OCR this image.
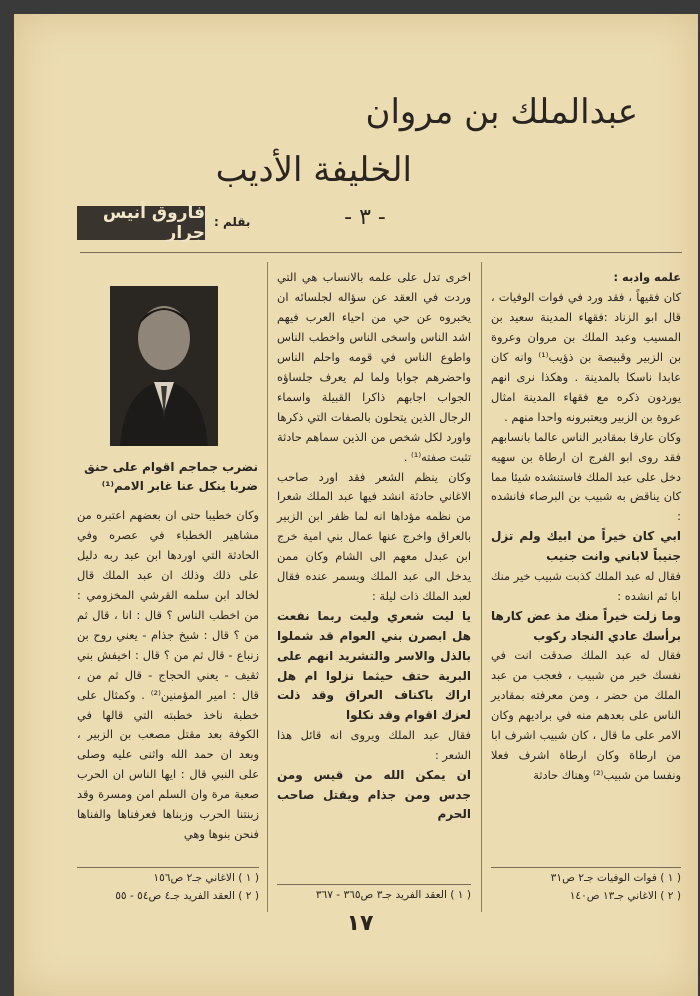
عبدالملك بن مروان
الخليفة الأديب
- ٣ -
بقلم :
فاروق أنيس جرار

علمه وادبه :

كان فقيهاً ، فقد ورد في فوات الوفيات ، قال ابو الزناد :فقهاء المدينة سعيد بن المسيب وعبد الملك بن مروان وعروة بن الزبير وقبيصة بن ذؤيب⁽¹⁾ وانه كان عابدا ناسكا بالمدينة . وهكذا نرى انهم يوردون ذكره مع فقهاء المدينة امثال عروة بن الزبير ويعتبرونه واحدا منهم .

وكان عارفا بمقادير الناس عالما بانسابهم فقد روى ابو الفرج ان ارطاة بن سهيه دخل على عبد الملك فاستنشده شيئا مما كان يناقض به شبيب بن البرصاء فانشده :

ابي كان خيراً من ابيك ولم تزل جنيباً لاباني وانت جنيب

فقال له عبد الملك كذبت شبيب خير منك ابا ثم انشده :

وما زلت خيراً منك مذ عض كارها برأسك عادي النجاد ركوب

فقال له عبد الملك صدقت انت في نفسك خير من شبيب ، فعجب من عبد الملك من حضر ، ومن معرفته بمقادير الناس على بعدهم منه في براديهم وكان الامر على ما قال ، كان شبيب اشرف ابا من ارطاة وكان ارطاة اشرف فعلا ونفسا من شبيب⁽²⁾ وهناك حادثة

( ١ ) فوات الوفيات جـ٢ ص٣١
( ٢ ) الاغاني جـ١٣ ص١٤٠

اخرى تدل على علمه بالانساب هي التي وردت في العقد عن سؤاله لجلسائه ان يخبروه عن حي من احياء العرب فيهم اشد الناس واسخى الناس واخطب الناس واطوع الناس في قومه واحلم الناس واحضرهم جوابا ولما لم يعرف جلساؤه الجواب اجابهم ذاكرا القبيلة واسماء الرجال الذين يتحلون بالصفات التي ذكرها واورد لكل شخص من الذين سماهم حادثة تثبت صفته⁽¹⁾ .

وكان ينظم الشعر فقد اورد صاحب الاغاني حادثة انشد فيها عبد الملك شعرا من نظمه مؤداها انه لما ظفر ابن الزبير بالعراق واخرج عنها عمال بني امية خرج ابن عبدل معهم الى الشام وكان ممن يدخل الى عبد الملك ويسمر عنده فقال لعبد الملك ذات ليلة :

يا ليت شعري وليت ربما نفعت هل ابصرن بني العوام قد شملوا بالذل والاسر والتشريد انهم على البرية حتف حيثما نزلوا ام هل اراك باكناف العراق وقد ذلت لعزك اقوام وقد نكلوا

فقال عبد الملك ويروى انه قائل هذا الشعر :

ان يمكن الله من قيس ومن جدس ومن جذام ويقتل صاحب الحرم

( ١ ) العقد الفريد جـ٣ ص٣٦٥ - ٣٦٧
نضرب جماجم اقوام على حنق ضربا ينكل عنا غابر الامم⁽¹⁾

وكان خطيبا حتى ان بعضهم اعتبره من مشاهير الخطباء في عصره وفي الحادثة التي اوردها ابن عبد ربه دليل على ذلك وذلك ان عبد الملك قال لخالد ابن سلمه القرشي المخزومي : من اخطب الناس ؟ قال : انا ، قال ثم من ؟ قال : شيخ جذام - يعني روح بن زنباع - قال ثم من ؟ قال : اخيفش بني ثقيف - يعني الحجاج - قال ثم من ، قال : امير المؤمنين⁽²⁾ . وكمثال على خطبة ناخذ خطبته التي قالها في الكوفة بعد مقتل مصعب بن الزبير ، وبعد ان حمد الله واثنى عليه وصلى على النبي قال : ايها الناس ان الحرب صعبة مرة وان السلم امن ومسرة وقد زبنتنا الحرب وزبناها فعرفناها والفناها فنحن بنوها وهي

( ١ ) الاغاني جـ٢ ص١٥٦
( ٢ ) العقد الفريد جـ٤ ص٥٤ - ٥٥
١٧
